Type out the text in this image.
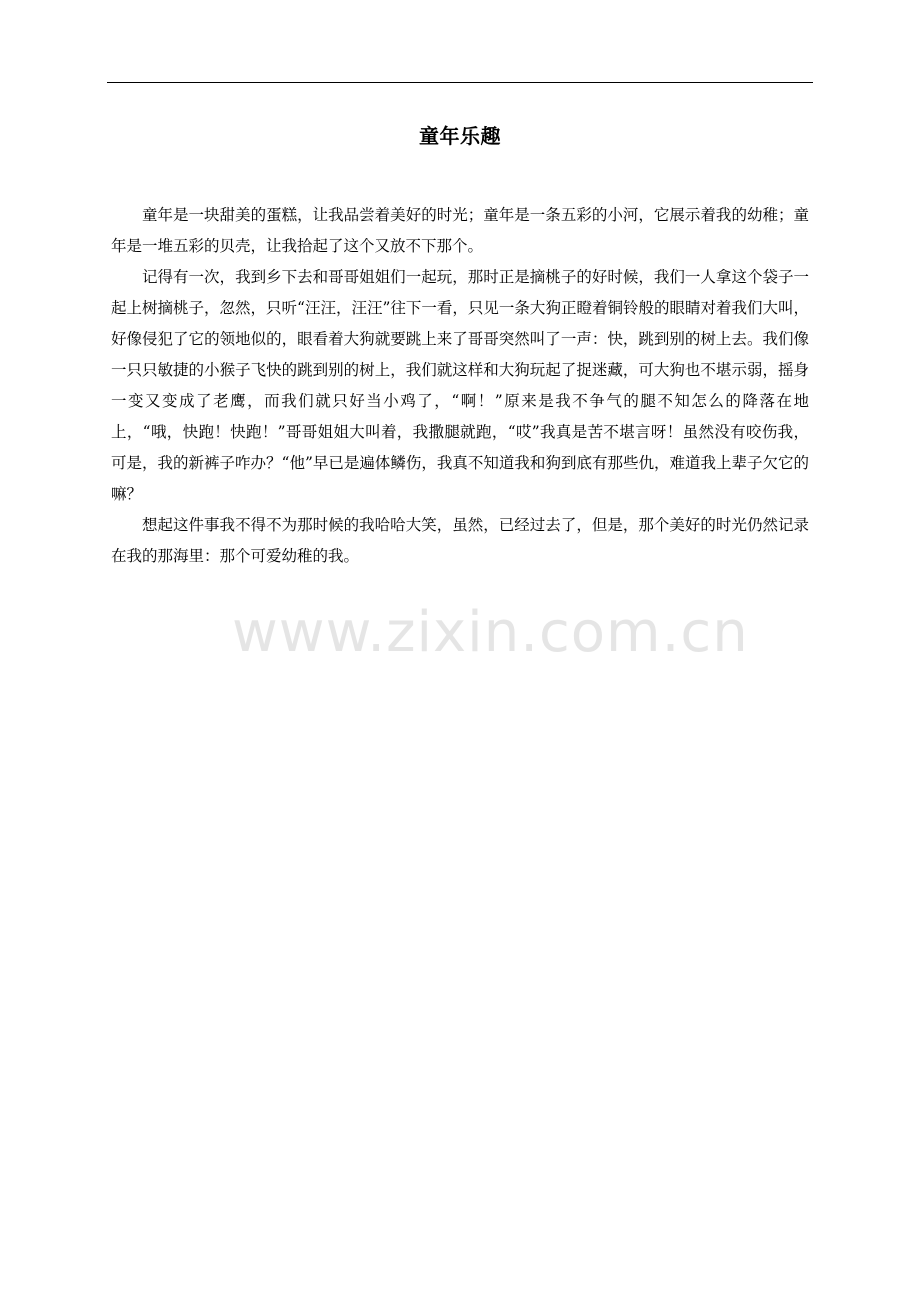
童年乐趣

童年是一块甜美的蛋糕，让我品尝着美好的时光；童年是一条五彩的小河，它展示着我的幼稚；童年是一堆五彩的贝壳，让我拾起了这个又放不下那个。

记得有一次，我到乡下去和哥哥姐姐们一起玩，那时正是摘桃子的好时候，我们一人拿这个袋子一起上树摘桃子，忽然，只听“汪汪，汪汪”往下一看，只见一条大狗正瞪着铜铃般的眼睛对着我们大叫，好像侵犯了它的领地似的，眼看着大狗就要跳上来了哥哥突然叫了一声：快，跳到别的树上去。我们像一只只敏捷的小猴子飞快的跳到别的树上，我们就这样和大狗玩起了捉迷藏，可大狗也不堪示弱，摇身一变又变成了老鹰，而我们就只好当小鸡了，“啊！”原来是我不争气的腿不知怎么的降落在地上，“哦，快跑！快跑！”哥哥姐姐大叫着，我撒腿就跑，“哎”我真是苦不堪言呀！虽然没有咬伤我，可是，我的新裤子咋办？“他”早已是遍体鳞伤，我真不知道我和狗到底有那些仇，难道我上辈子欠它的嘛？

想起这件事我不得不为那时候的我哈哈大笑，虽然，已经过去了，但是，那个美好的时光仍然记录在我的那海里：那个可爱幼稚的我。

www.zixin.com.cn
